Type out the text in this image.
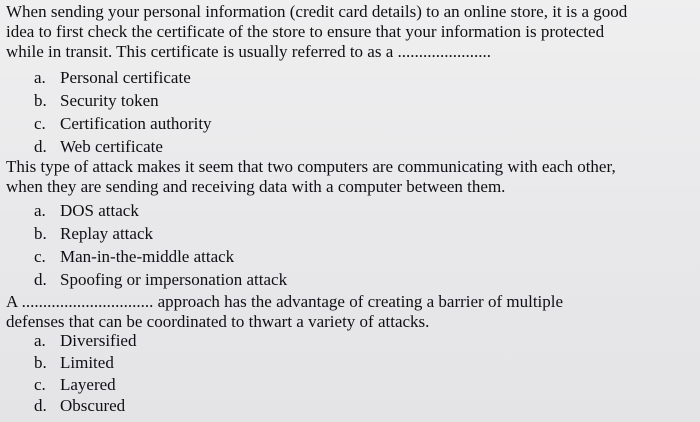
When sending your personal information (credit card details) to an online store, it is a good
idea to first check the certificate of the store to ensure that your information is protected
while in transit. This certificate is usually referred to as a ......................
a. Personal certificate
b. Security token
c. Certification authority
d. Web certificate
This type of attack makes it seem that two computers are communicating with each other,
when they are sending and receiving data with a computer between them.
a. DOS attack
b. Replay attack
c. Man-in-the-middle attack
d. Spoofing or impersonation attack
A ............................... approach has the advantage of creating a barrier of multiple
defenses that can be coordinated to thwart a variety of attacks.
a. Diversified
b. Limited
c. Layered
d. Obscured
